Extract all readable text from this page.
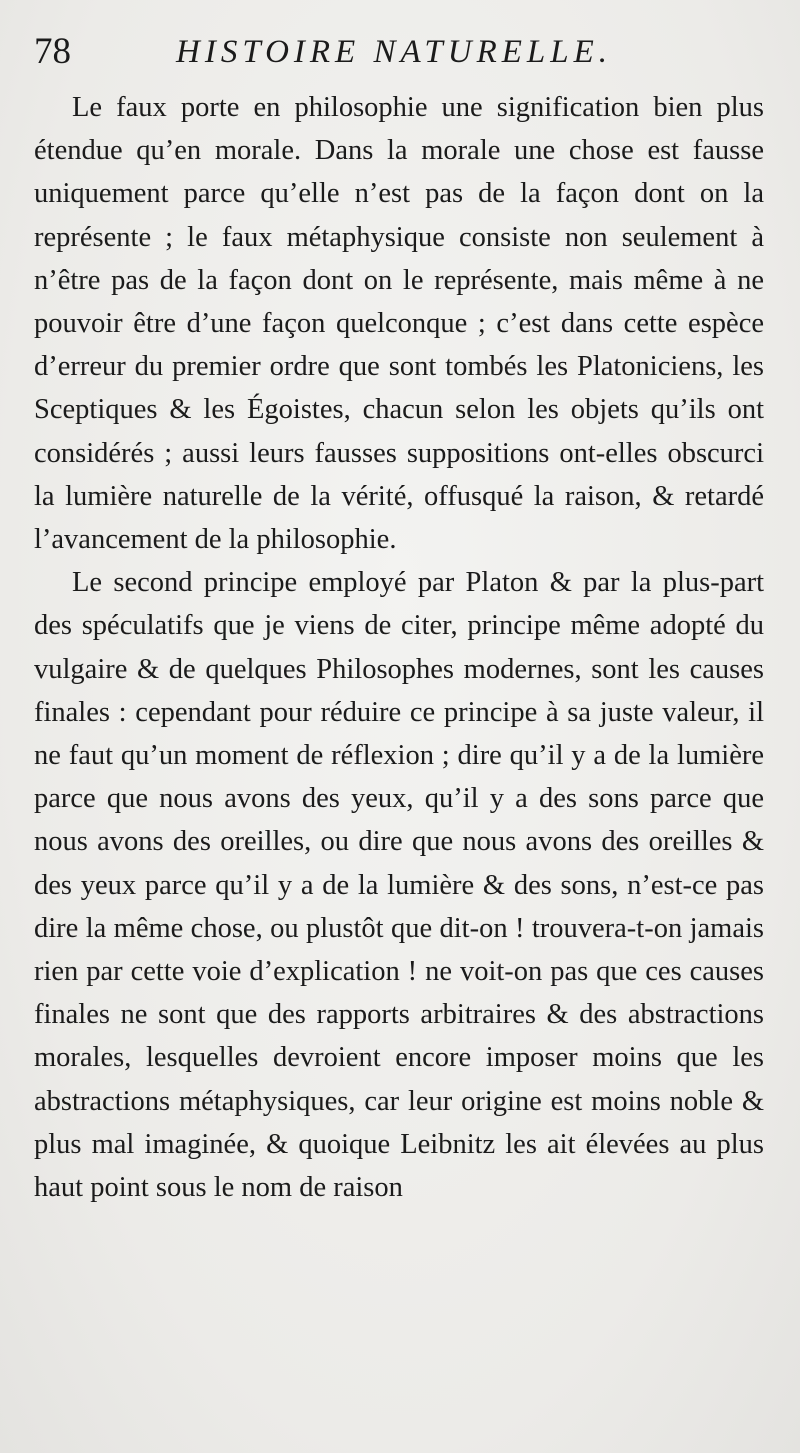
78	HISTOIRE NATURELLE.

Le faux porte en philosophie une signification bien plus étendue qu’en morale. Dans la morale une chose est fausse uniquement parce qu’elle n’est pas de la façon dont on la représente ; le faux métaphysique consiste non seulement à n’être pas de la façon dont on le représente, mais même à ne pouvoir être d’une façon quelconque ; c’est dans cette espèce d’erreur du premier ordre que sont tombés les Platoniciens, les Sceptiques & les Égoistes, chacun selon les objets qu’ils ont considérés ; aussi leurs fausses suppositions ont-elles obscurci la lumière naturelle de la vérité, offusqué la raison, & retardé l’avancement de la philosophie.

Le second principe employé par Platon & par la plus-part des spéculatifs que je viens de citer, principe même adopté du vulgaire & de quelques Philosophes modernes, sont les causes finales : cependant pour réduire ce principe à sa juste valeur, il ne faut qu’un moment de réflexion ; dire qu’il y a de la lumière parce que nous avons des yeux, qu’il y a des sons parce que nous avons des oreilles, ou dire que nous avons des oreilles & des yeux parce qu’il y a de la lumière & des sons, n’est-ce pas dire la même chose, ou plustôt que dit-on ! trouvera-t-on jamais rien par cette voie d’explication ! ne voit-on pas que ces causes finales ne sont que des rapports arbitraires & des abstractions morales, lesquelles devroient encore imposer moins que les abstractions métaphysiques, car leur origine est moins noble & plus mal imaginée, & quoique Leibnitz les ait élevées au plus haut point sous le nom de raison
